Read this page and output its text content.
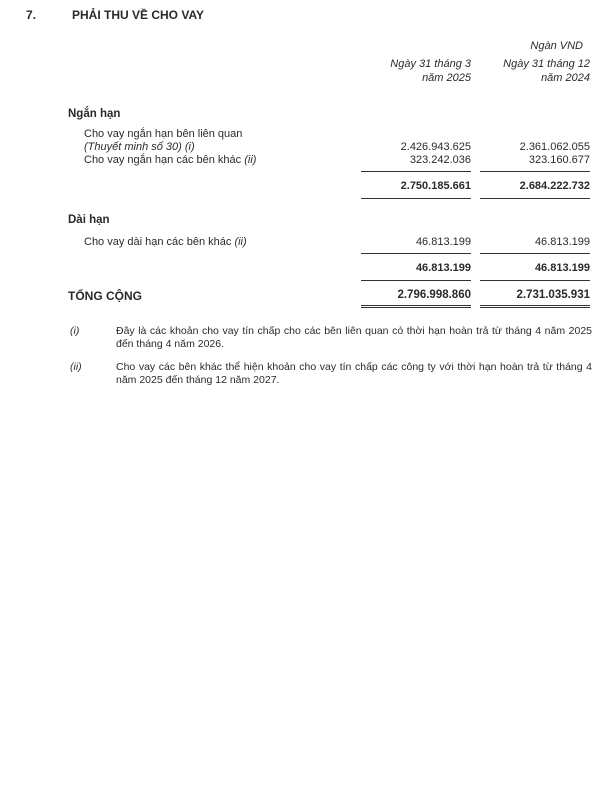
7.	PHẢI THU VỀ CHO VAY
Ngàn VND
Ngày 31 tháng 3
năm 2025
Ngày 31 tháng 12
năm 2024
Ngắn hạn
Cho vay ngắn hạn bên liên quan
(Thuyết minh số 30) (i)	2.426.943.625	2.361.062.055
Cho vay ngắn hạn các bên khác (ii)	323.242.036	323.160.677
2.750.185.661	2.684.222.732
Dài hạn
Cho vay dài hạn các bên khác (ii)	46.813.199	46.813.199
46.813.199	46.813.199
TỔNG CỘNG	2.796.998.860	2.731.035.931
(i)	Đây là các khoản cho vay tín chấp cho các bên liên quan có thời hạn hoàn trả từ tháng 4 năm 2025 đến tháng 4 năm 2026.
(ii)	Cho vay các bên khác thể hiện khoản cho vay tín chấp các công ty với thời hạn hoàn trả từ tháng 4 năm 2025 đến tháng 12 năm 2027.
